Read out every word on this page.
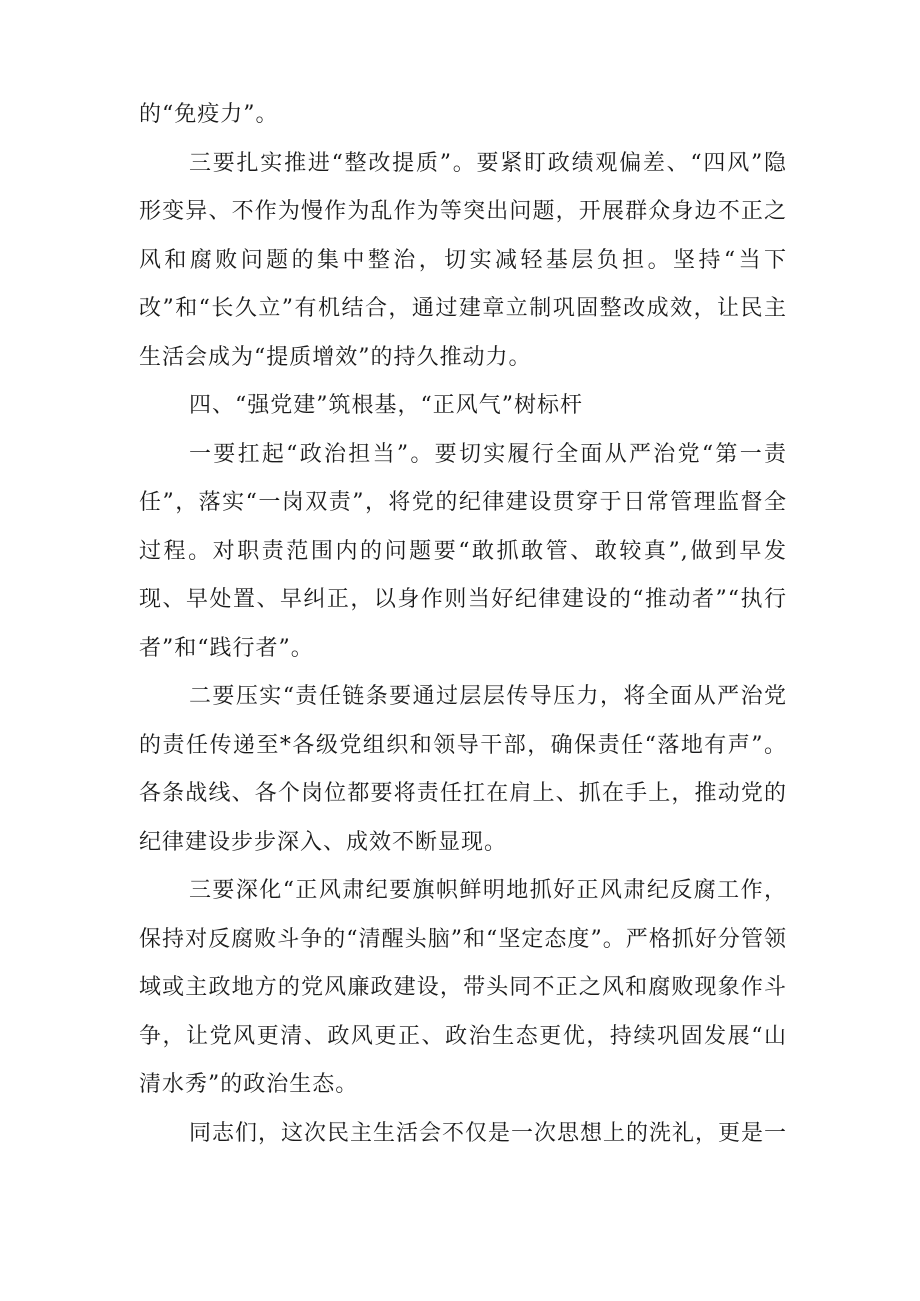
的“免疫力”。

三要扎实推进“整改提质”。要紧盯政绩观偏差、“四风”隐形变异、不作为慢作为乱作为等突出问题，开展群众身边不正之风和腐败问题的集中整治，切实减轻基层负担。坚持“当下改”和“长久立”有机结合，通过建章立制巩固整改成效，让民主生活会成为“提质增效”的持久推动力。

四、“强党建”筑根基，“正风气”树标杆

一要扛起“政治担当”。要切实履行全面从严治党“第一责任”，落实“一岗双责”，将党的纪律建设贯穿于日常管理监督全过程。对职责范围内的问题要“敢抓敢管、敢较真”,做到早发现、早处置、早纠正，以身作则当好纪律建设的“推动者”“执行者”和“践行者”。

二要压实“责任链条要通过层层传导压力，将全面从严治党的责任传递至*各级党组织和领导干部，确保责任“落地有声”。各条战线、各个岗位都要将责任扛在肩上、抓在手上，推动党的纪律建设步步深入、成效不断显现。

三要深化“正风肃纪要旗帜鲜明地抓好正风肃纪反腐工作，保持对反腐败斗争的“清醒头脑”和“坚定态度”。严格抓好分管领域或主政地方的党风廉政建设，带头同不正之风和腐败现象作斗争，让党风更清、政风更正、政治生态更优，持续巩固发展“山清水秀”的政治生态。

同志们，这次民主生活会不仅是一次思想上的洗礼，更是一
